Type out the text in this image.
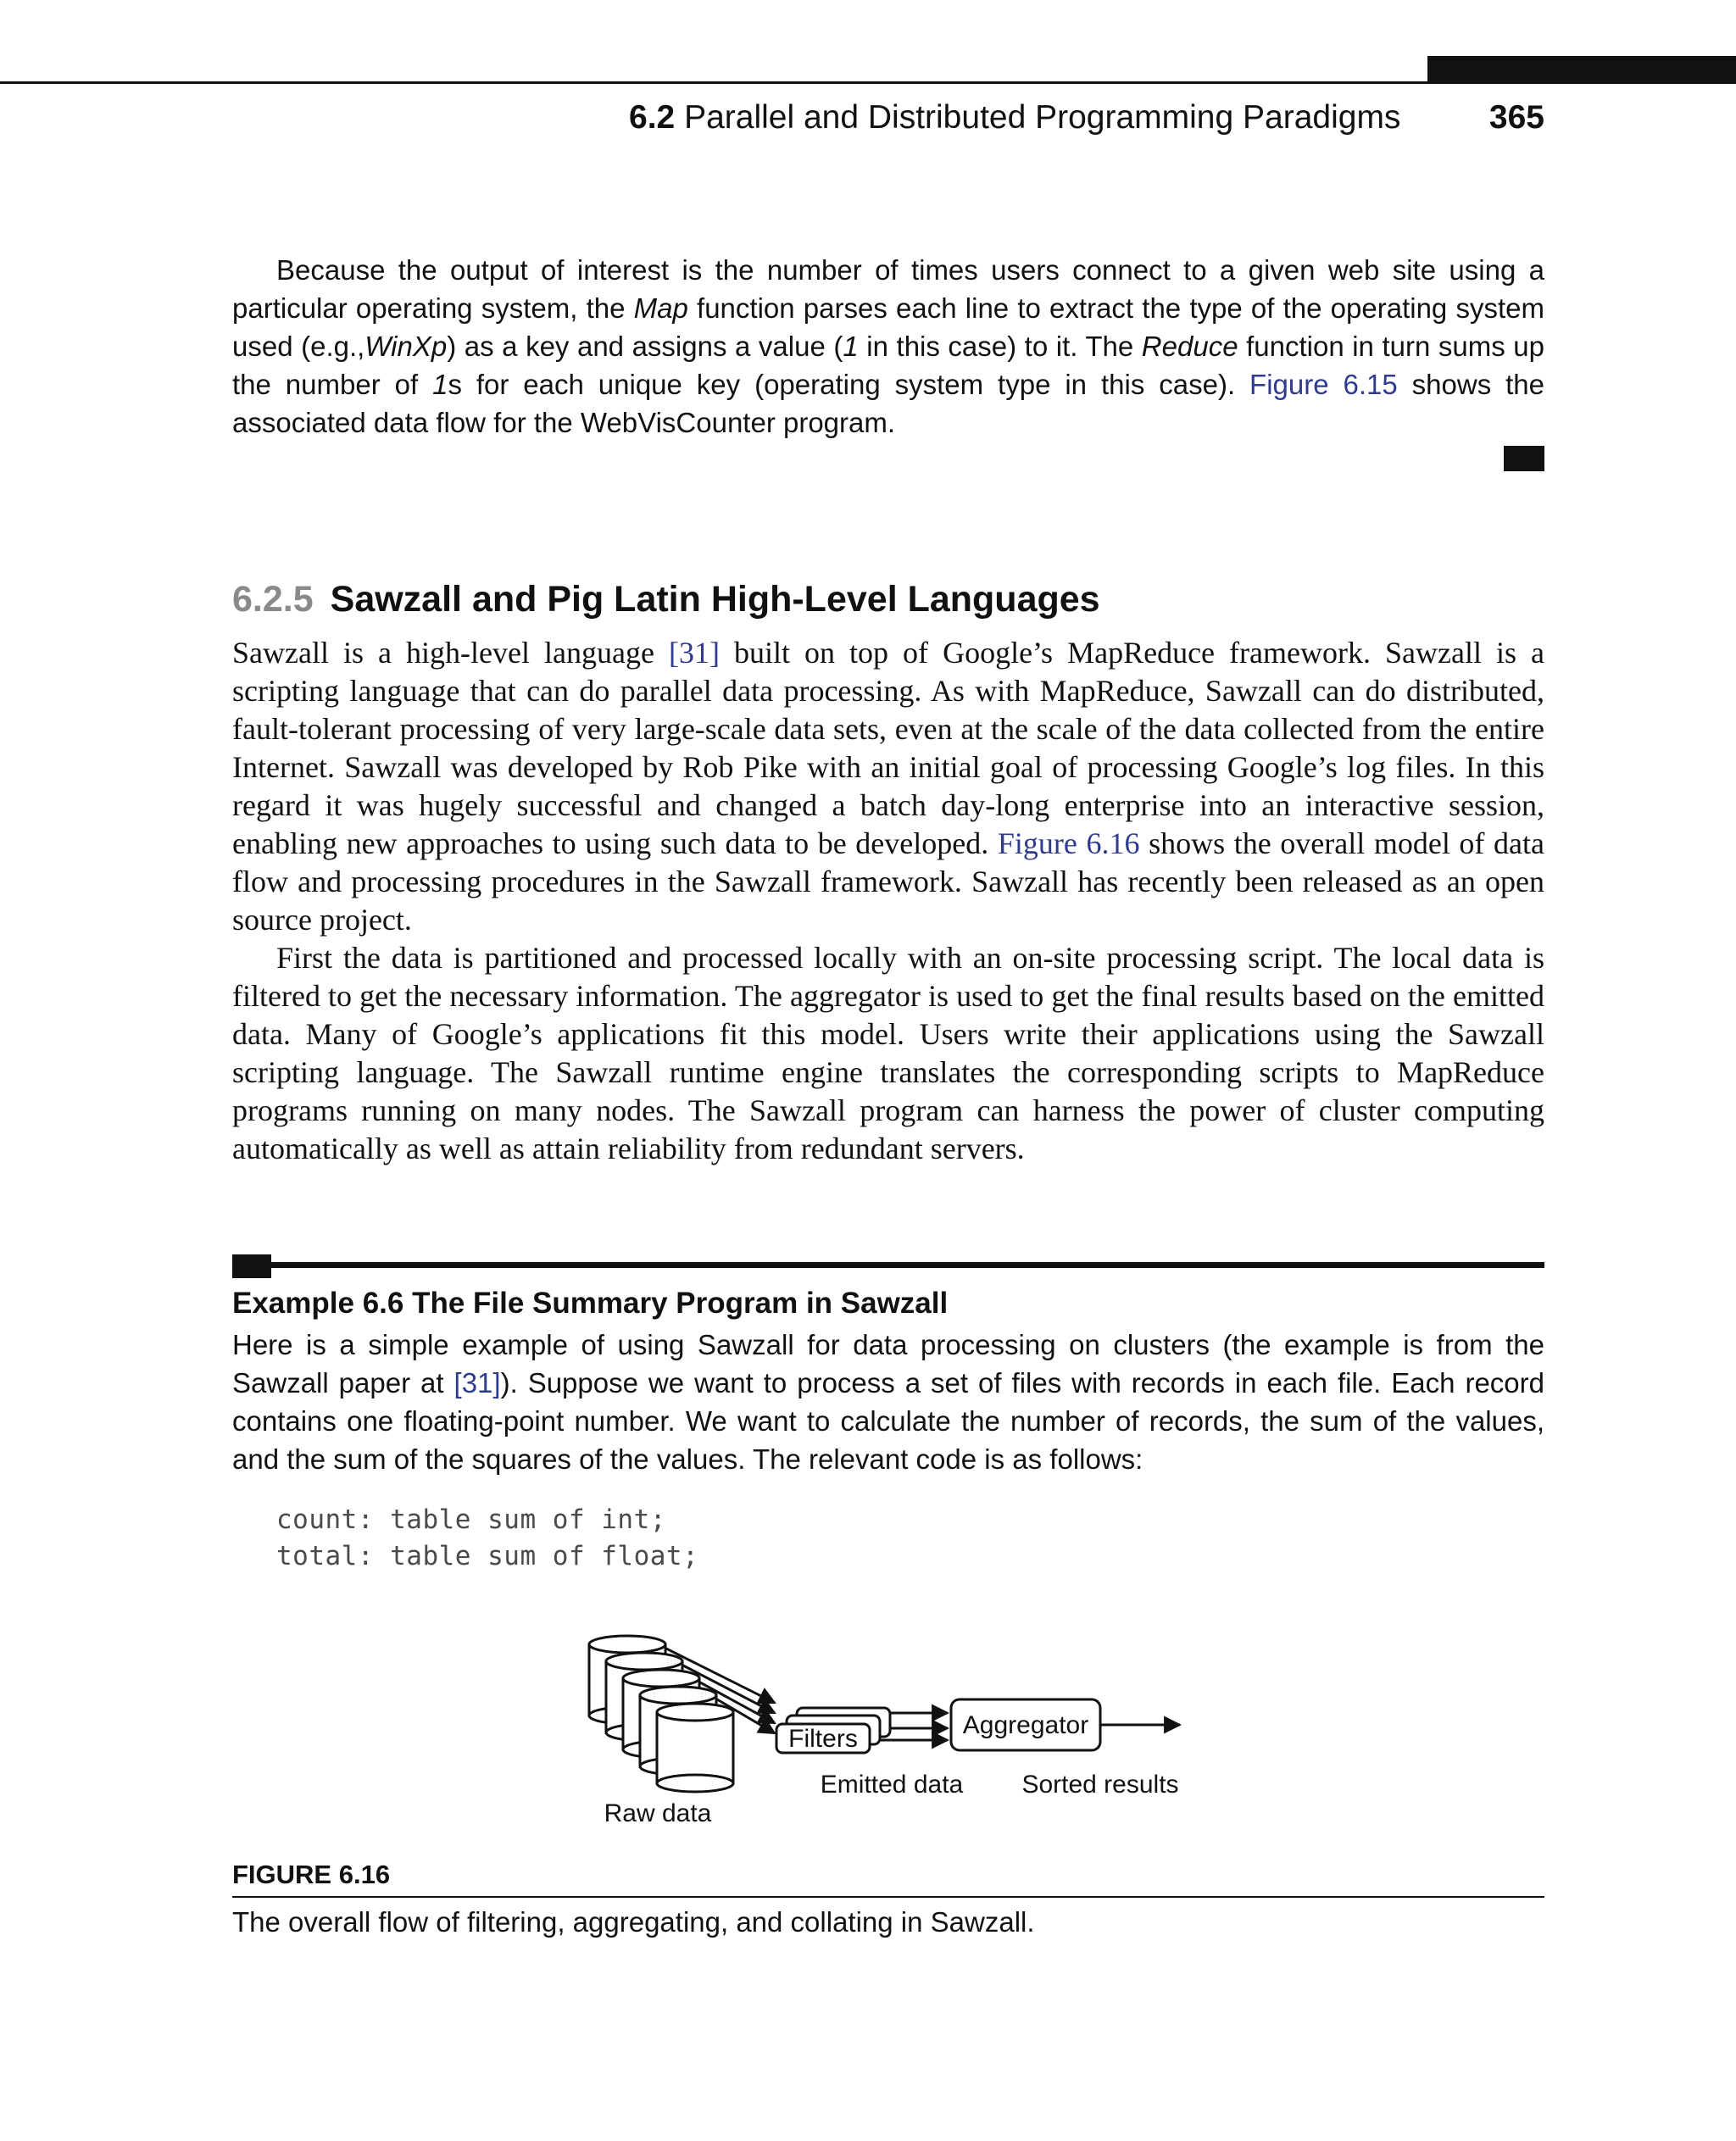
6.2 Parallel and Distributed Programming Paradigms	365
Because the output of interest is the number of times users connect to a given web site using a particular operating system, the Map function parses each line to extract the type of the operating system used (e.g.,WinXp) as a key and assigns a value (1 in this case) to it. The Reduce function in turn sums up the number of 1s for each unique key (operating system type in this case). Figure 6.15 shows the associated data flow for the WebVisCounter program.
6.2.5 Sawzall and Pig Latin High-Level Languages
Sawzall is a high-level language [31] built on top of Google’s MapReduce framework. Sawzall is a scripting language that can do parallel data processing. As with MapReduce, Sawzall can do distributed, fault-tolerant processing of very large-scale data sets, even at the scale of the data collected from the entire Internet. Sawzall was developed by Rob Pike with an initial goal of processing Google’s log files. In this regard it was hugely successful and changed a batch day-long enterprise into an interactive session, enabling new approaches to using such data to be developed. Figure 6.16 shows the overall model of data flow and processing procedures in the Sawzall framework. Sawzall has recently been released as an open source project.
First the data is partitioned and processed locally with an on-site processing script. The local data is filtered to get the necessary information. The aggregator is used to get the final results based on the emitted data. Many of Google’s applications fit this model. Users write their applications using the Sawzall scripting language. The Sawzall runtime engine translates the corresponding scripts to MapReduce programs running on many nodes. The Sawzall program can harness the power of cluster computing automatically as well as attain reliability from redundant servers.
Example 6.6 The File Summary Program in Sawzall
Here is a simple example of using Sawzall for data processing on clusters (the example is from the Sawzall paper at [31]). Suppose we want to process a set of files with records in each file. Each record contains one floating-point number. We want to calculate the number of records, the sum of the values, and the sum of the squares of the values. The relevant code is as follows:
count: table sum of int;
total: table sum of float;
Filters	Aggregator
Emitted data Sorted results
Raw data
FIGURE 6.16
The overall flow of filtering, aggregating, and collating in Sawzall.
